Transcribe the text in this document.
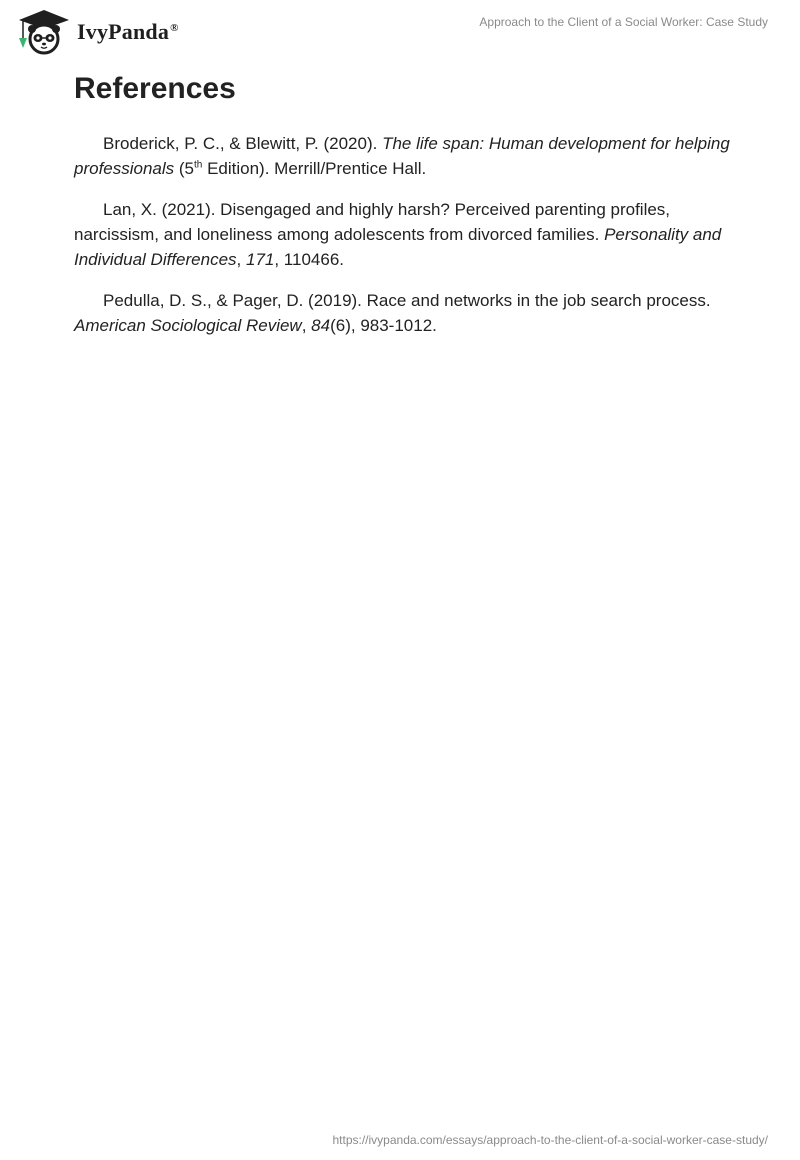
IvyPanda®	Approach to the Client of a Social Worker: Case Study
References

Broderick, P. C., & Blewitt, P. (2020). The life span: Human development for helping professionals (5th Edition). Merrill/Prentice Hall.

Lan, X. (2021). Disengaged and highly harsh? Perceived parenting profiles, narcissism, and loneliness among adolescents from divorced families. Personality and Individual Differences, 171, 110466.

Pedulla, D. S., & Pager, D. (2019). Race and networks in the job search process. American Sociological Review, 84(6), 983-1012.

https://ivypanda.com/essays/approach-to-the-client-of-a-social-worker-case-study/
